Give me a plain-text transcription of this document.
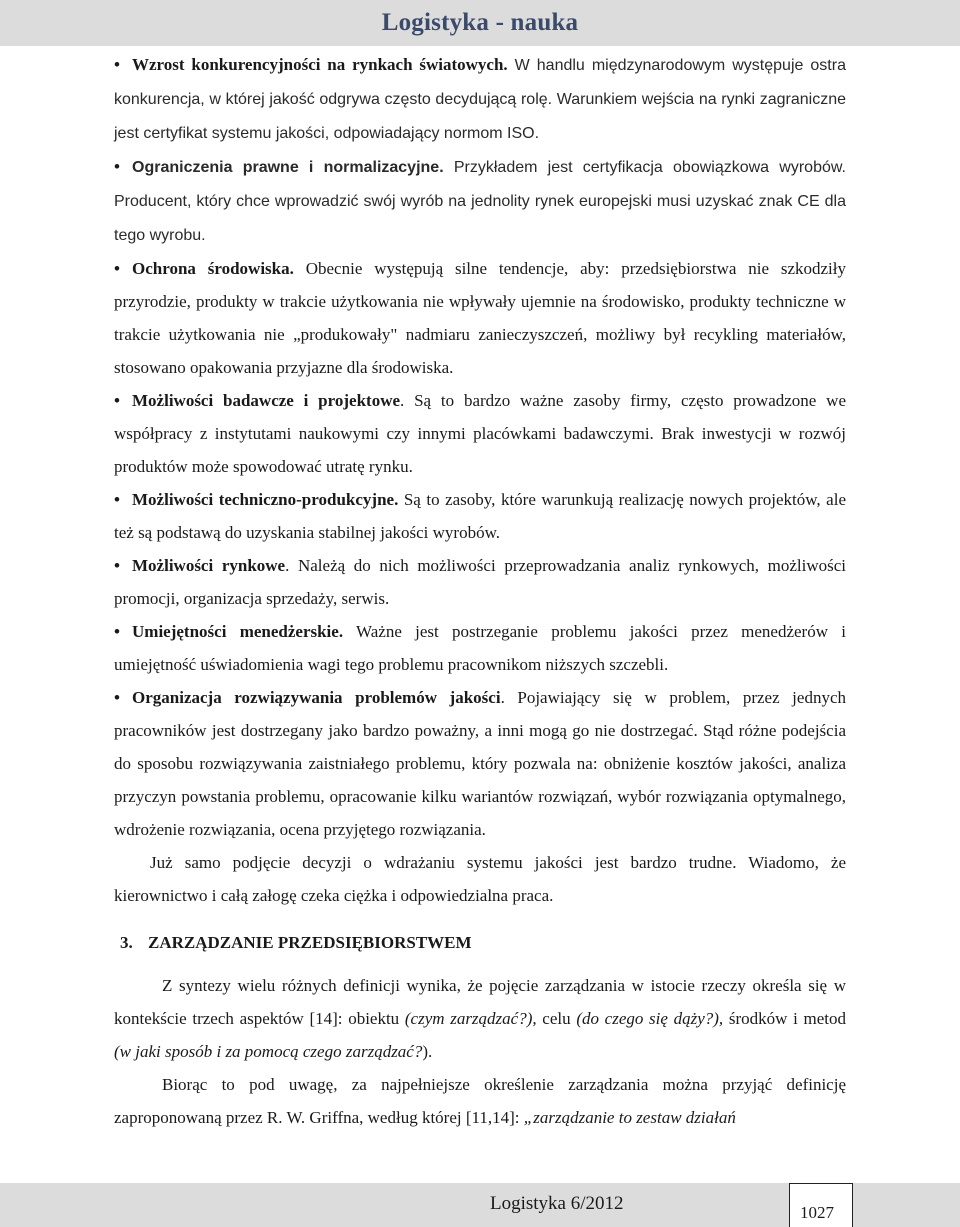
Logistyka - nauka
• Wzrost konkurencyjności na rynkach światowych. W handlu międzynarodowym występuje ostra konkurencja, w której jakość odgrywa często decydującą rolę. Warunkiem wejścia na rynki zagraniczne jest certyfikat systemu jakości, odpowiadający normom ISO.
• Ograniczenia prawne i normalizacyjne. Przykładem jest certyfikacja obowiązkowa wyrobów. Producent, który chce wprowadzić swój wyrób na jednolity rynek europejski musi uzyskać znak CE dla tego wyrobu.
• Ochrona środowiska. Obecnie występują silne tendencje, aby: przedsiębiorstwa nie szkodziły przyrodzie, produkty w trakcie użytkowania nie wpływały ujemnie na środowisko, produkty techniczne w trakcie użytkowania nie „produkowały" nadmiaru zanieczyszczeń, możliwy był recykling materiałów, stosowano opakowania przyjazne dla środowiska.
• Możliwości badawcze i projektowe. Są to bardzo ważne zasoby firmy, często prowadzone we współpracy z instytutami naukowymi czy innymi placówkami badawczymi. Brak inwestycji w rozwój produktów może spowodować utratę rynku.
• Możliwości techniczno-produkcyjne. Są to zasoby, które warunkują realizację nowych projektów, ale też są podstawą do uzyskania stabilnej jakości wyrobów.
• Możliwości rynkowe. Należą do nich możliwości przeprowadzania analiz rynkowych, możliwości promocji, organizacja sprzedaży, serwis.
• Umiejętności menedżerskie. Ważne jest postrzeganie problemu jakości przez menedżerów i umiejętność uświadomienia wagi tego problemu pracownikom niższych szczebli.
• Organizacja rozwiązywania problemów jakości. Pojawiający się w problem, przez jednych pracowników jest dostrzegany jako bardzo poważny, a inni mogą go nie dostrzegać. Stąd różne podejścia do sposobu rozwiązywania zaistniałego problemu, który pozwala na: obniżenie kosztów jakości, analiza przyczyn powstania problemu, opracowanie kilku wariantów rozwiązań, wybór rozwiązania optymalnego, wdrożenie rozwiązania, ocena przyjętego rozwiązania.

Już samo podjęcie decyzji o wdrażaniu systemu jakości jest bardzo trudne. Wiadomo, że kierownictwo i całą załogę czeka ciężka i odpowiedzialna praca.

3. ZARZĄDZANIE PRZEDSIĘBIORSTWEM

Z syntezy wielu różnych definicji wynika, że pojęcie zarządzania w istocie rzeczy określa się w kontekście trzech aspektów [14]: obiektu (czym zarządzać?), celu (do czego się dąży?), środków i metod (w jaki sposób i za pomocą czego zarządzać?).

Biorąc to pod uwagę, za najpełniejsze określenie zarządzania można przyjąć definicję zaproponowaną przez R. W. Griffna, według której [11,14]: „zarządzanie to zestaw działań

Logistyka 6/2012	1027
